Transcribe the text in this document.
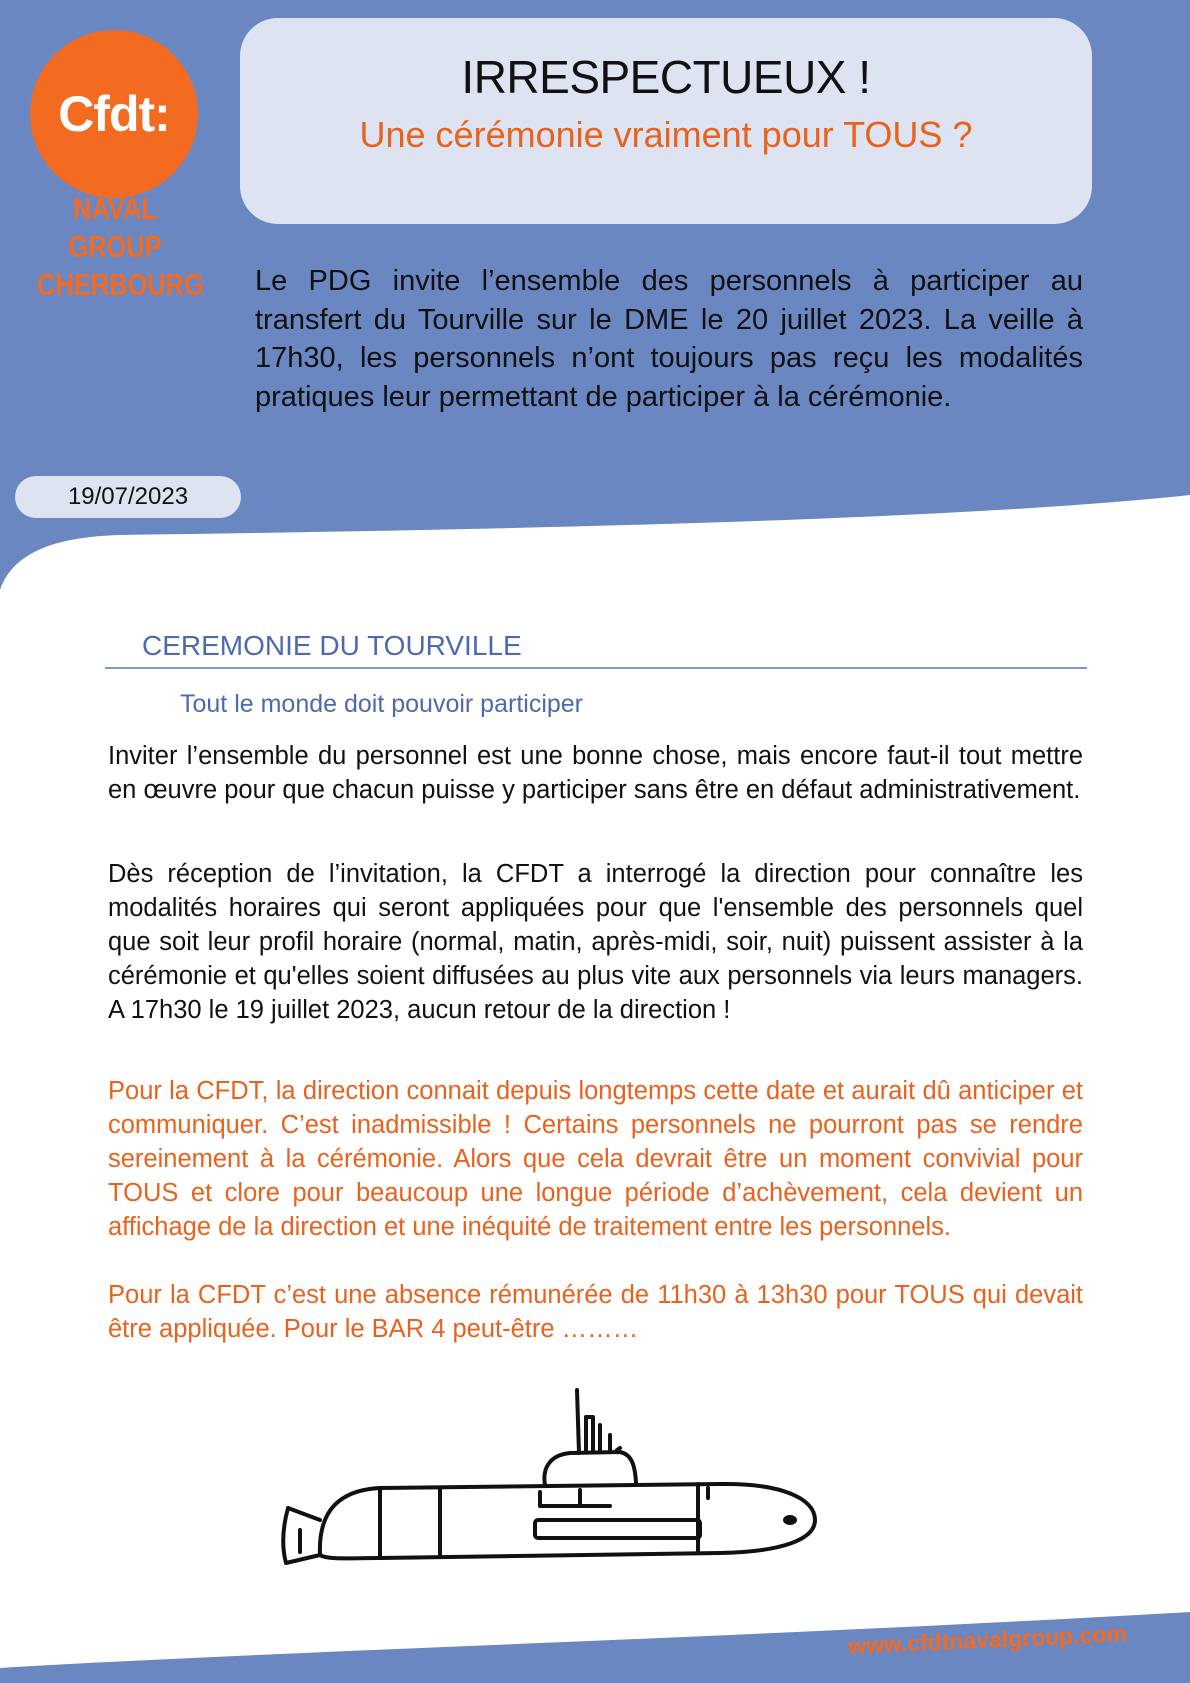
Cfdt:
NAVAL GROUP
CHERBOURG
IRRESPECTUEUX !
Une cérémonie vraiment pour TOUS ?
Le PDG invite l’ensemble des personnels à participer au transfert du Tourville sur le DME le 20 juillet 2023. La veille à 17h30, les personnels n’ont toujours pas reçu les modalités pratiques leur permettant de participer à la cérémonie.
19/07/2023
CEREMONIE DU TOURVILLE
Tout le monde doit pouvoir participer
Inviter l’ensemble du personnel est une bonne chose, mais encore faut-il tout mettre en œuvre pour que chacun puisse y participer sans être en défaut administrativement.
Dès réception de l’invitation, la CFDT a interrogé la direction pour connaître les modalités horaires qui seront appliquées pour que l'ensemble des personnels quel que soit leur profil horaire (normal, matin, après-midi, soir, nuit) puissent assister à la cérémonie et qu'elles soient diffusées au plus vite aux personnels via leurs managers. A 17h30 le 19 juillet 2023, aucun retour de la direction !
Pour la CFDT, la direction connait depuis longtemps cette date et aurait dû anticiper et communiquer. C’est inadmissible ! Certains personnels ne pourront pas se rendre sereinement à la cérémonie. Alors que cela devrait être un moment convivial pour TOUS et clore pour beaucoup une longue période d’achèvement, cela devient un affichage de la direction et une inéquité de traitement entre les personnels.
Pour la CFDT c’est une absence rémunérée de 11h30 à 13h30 pour TOUS qui devait être appliquée. Pour le BAR 4 peut-être ………
www.cfdtnavalgroup.com
